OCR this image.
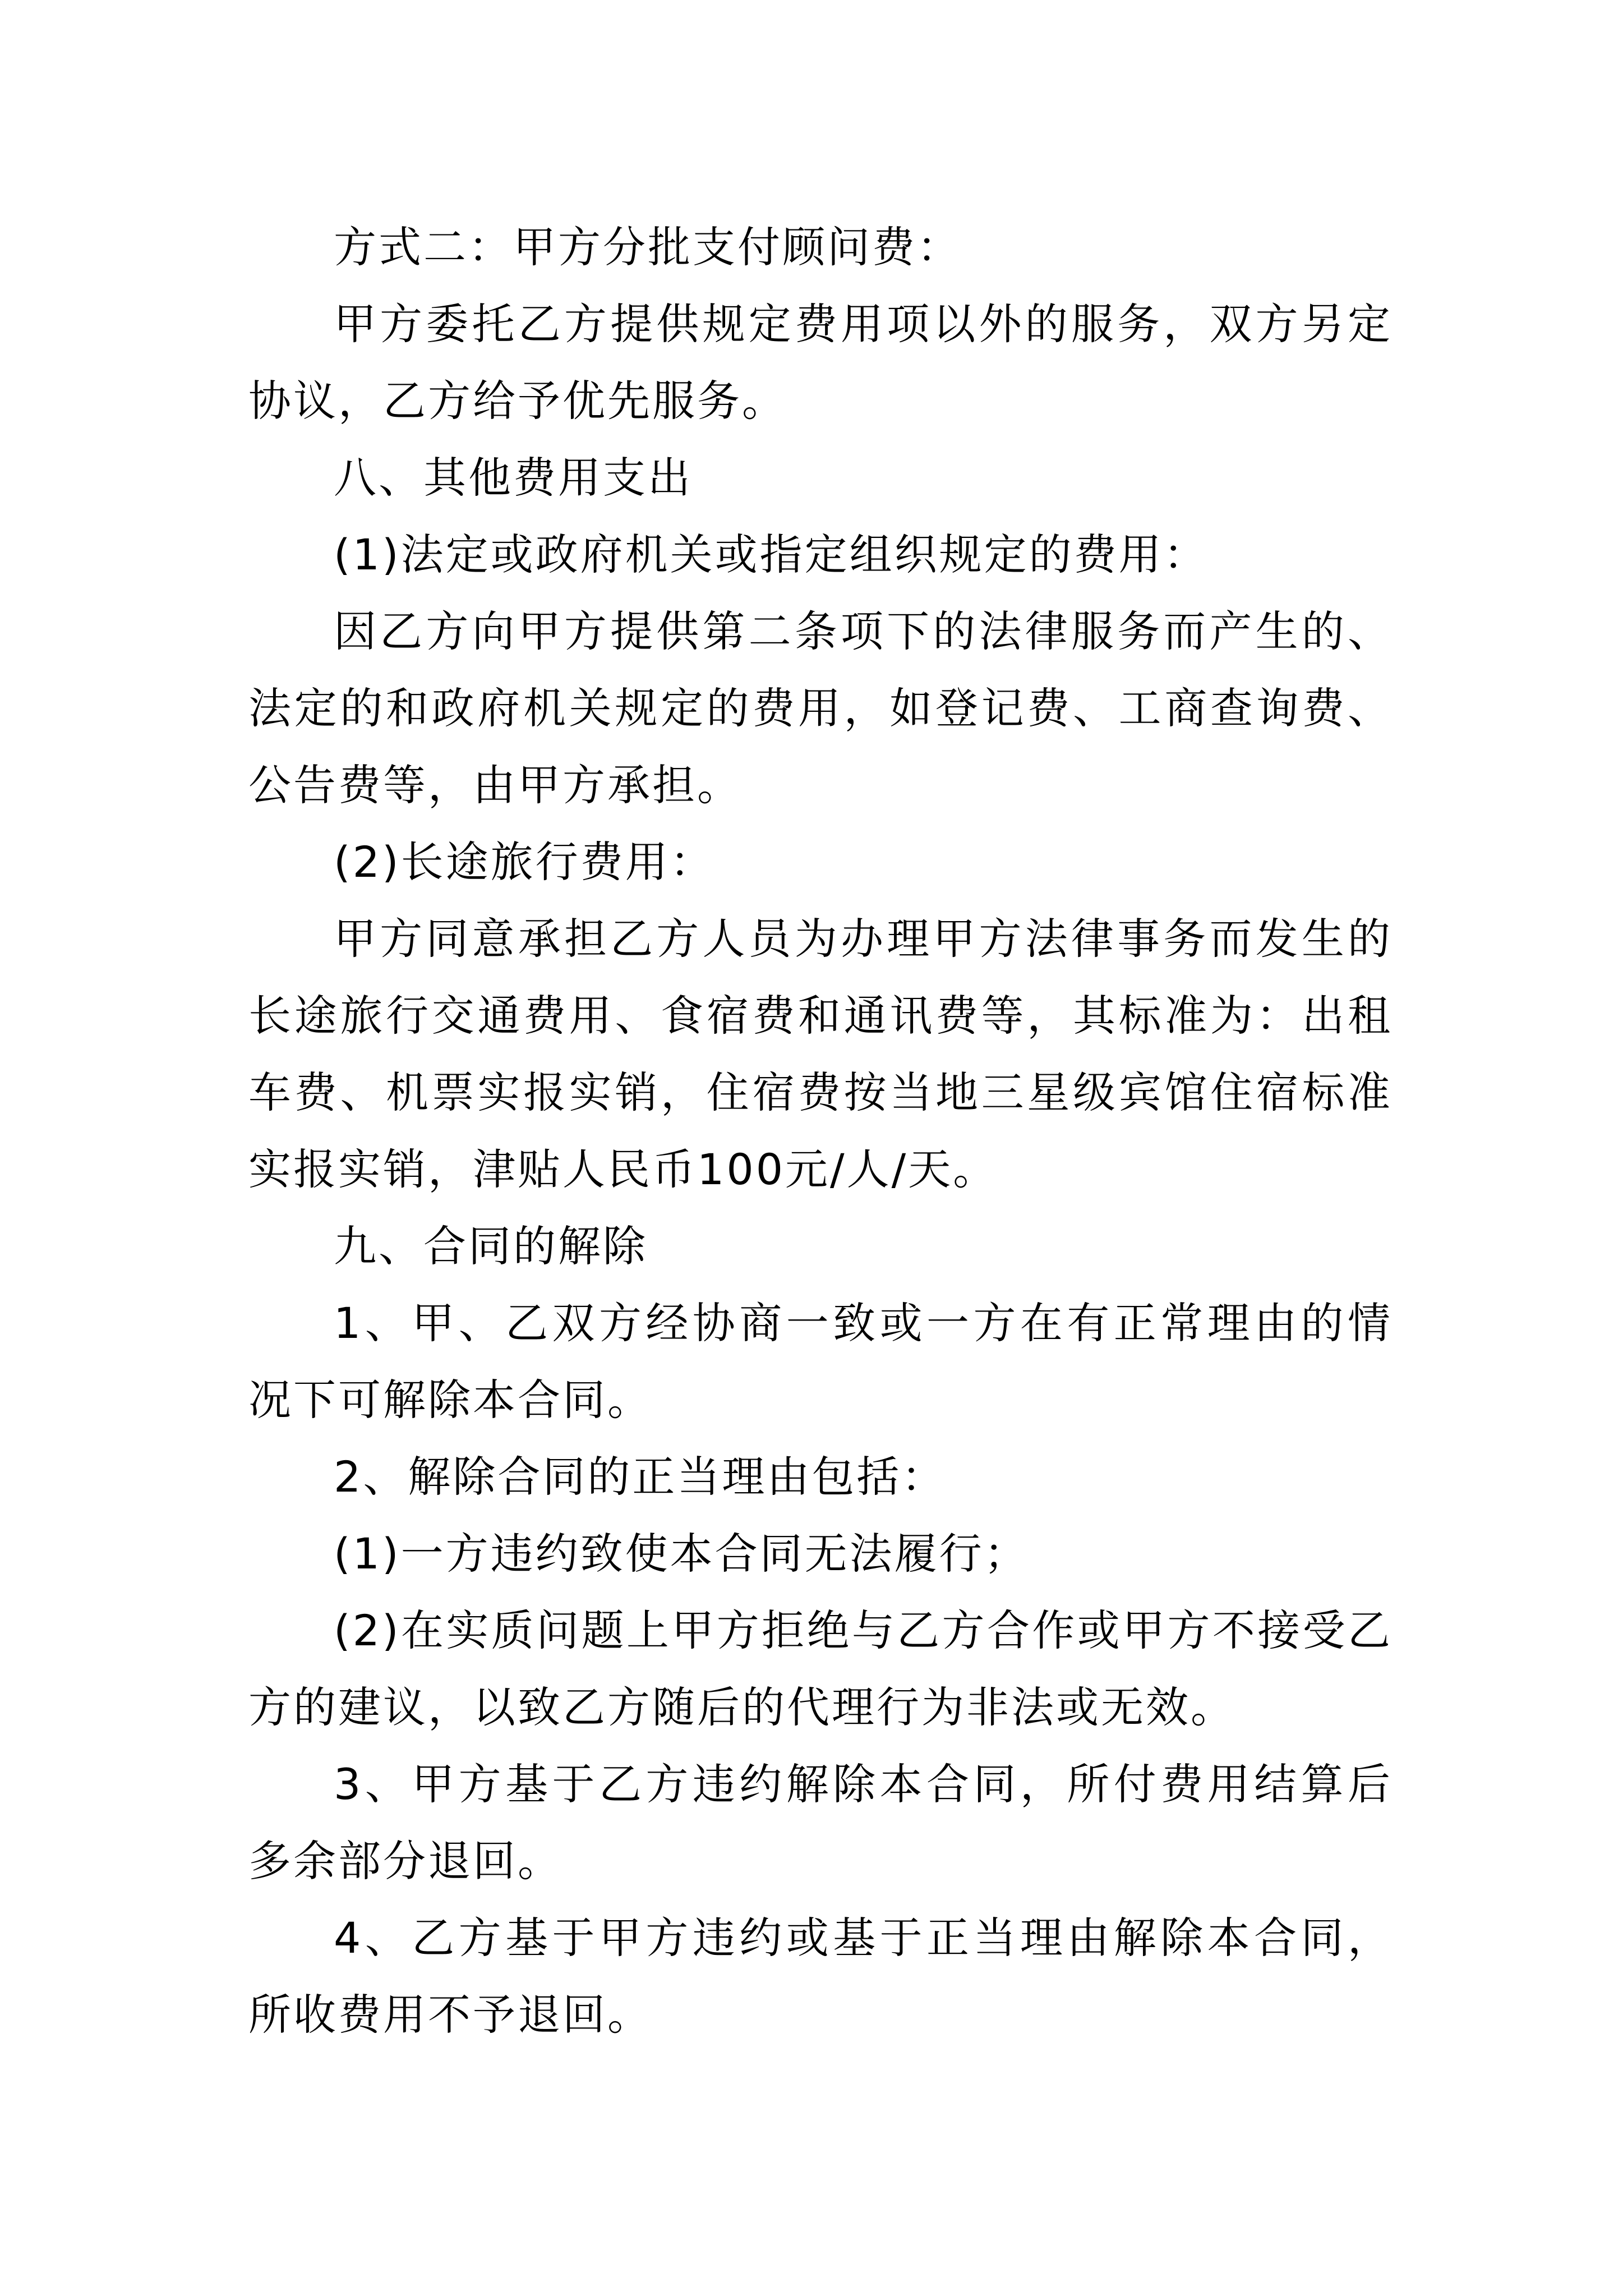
方式二：甲方分批支付顾问费：

甲方委托乙方提供规定费用项以外的服务，双方另定协议，乙方给予优先服务。

八、其他费用支出

(1)法定或政府机关或指定组织规定的费用：

因乙方向甲方提供第二条项下的法律服务而产生的、法定的和政府机关规定的费用，如登记费、工商查询费、公告费等，由甲方承担。

(2)长途旅行费用：

甲方同意承担乙方人员为办理甲方法律事务而发生的长途旅行交通费用、食宿费和通讯费等，其标准为：出租车费、机票实报实销，住宿费按当地三星级宾馆住宿标准实报实销，津贴人民币100元/人/天。

九、合同的解除

1、甲、乙双方经协商一致或一方在有正常理由的情况下可解除本合同。

2、解除合同的正当理由包括：

(1)一方违约致使本合同无法履行；

(2)在实质问题上甲方拒绝与乙方合作或甲方不接受乙方的建议，以致乙方随后的代理行为非法或无效。

3、甲方基于乙方违约解除本合同，所付费用结算后多余部分退回。

4、乙方基于甲方违约或基于正当理由解除本合同，所收费用不予退回。
